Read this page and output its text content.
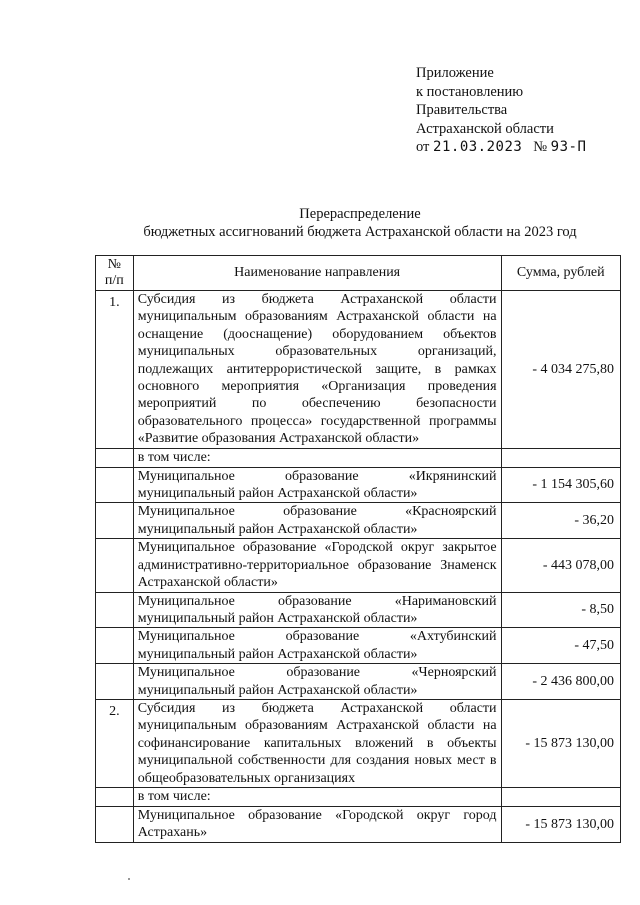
Приложение
к постановлению
Правительства
Астраханской области
от 21.03.2023 № 93-П
Перераспределение
бюджетных ассигнований бюджета Астраханской области на 2023 год
№
п/п	Наименование направления	Сумма, рублей
1.	Субсидия из бюджета Астраханской области муниципальным образованиям Астраханской области на оснащение (дооснащение) оборудованием объектов муниципальных образовательных организаций, подлежащих антитеррористической защите, в рамках основного мероприятия «Организация проведения мероприятий по обеспечению безопасности образовательного процесса» государственной программы «Развитие образования Астраханской области»	- 4 034 275,80
	в том числе:	
	Муниципальное образование «Икрянинский муниципальный район Астраханской области»	- 1 154 305,60
	Муниципальное образование «Красноярский муниципальный район Астраханской области»	- 36,20
	Муниципальное образование «Городской округ закрытое административно-территориальное образование Знаменск Астраханской области»	- 443 078,00
	Муниципальное образование «Наримановский муниципальный район Астраханской области»	- 8,50
	Муниципальное образование «Ахтубинский муниципальный район Астраханской области»	- 47,50
	Муниципальное образование «Черноярский муниципальный район Астраханской области»	- 2 436 800,00
2.	Субсидия из бюджета Астраханской области муниципальным образованиям Астраханской области на софинансирование капитальных вложений в объекты муниципальной собственности для создания новых мест в общеобразовательных организациях	- 15 873 130,00
	в том числе:	
	Муниципальное образование «Городской округ город Астрахань»	- 15 873 130,00
